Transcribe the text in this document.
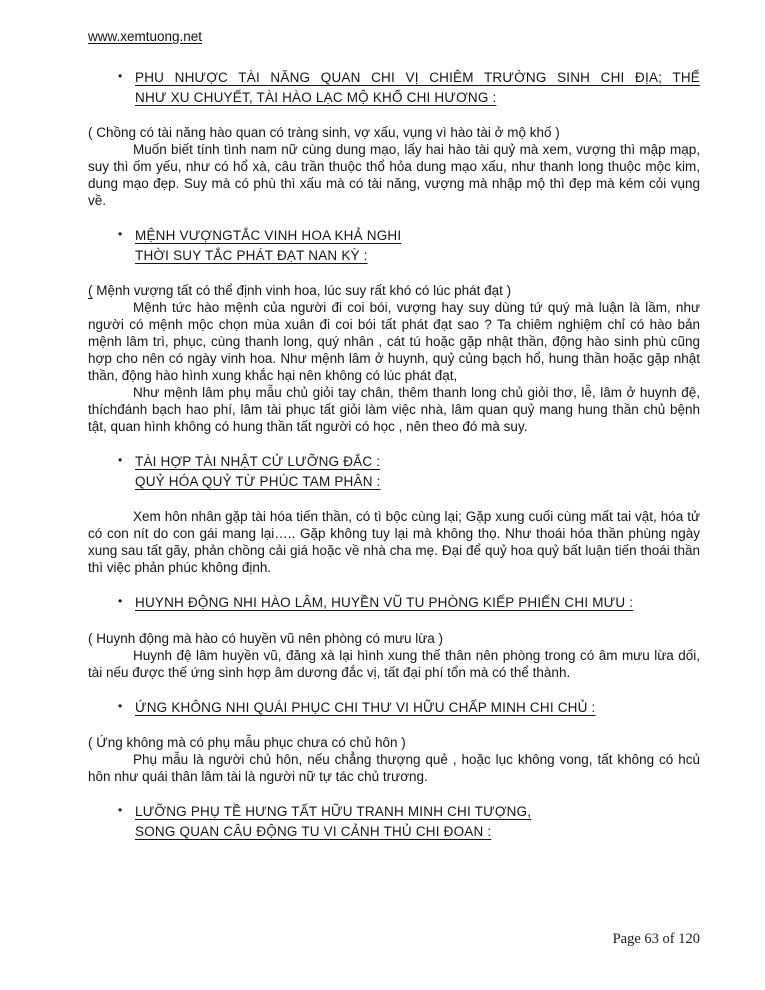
www.xemtuong.net
• PHU NHƯỢC TÀI NĂNG QUAN CHI VỊ CHIÊM TRƯỜNG SINH CHI ĐỊA; THẾ
NHƯ XU CHUYẾT, TÀI HÀO LẠC MỘ KHỐ CHI HƯƠNG :

( Chồng có tài năng hào quan có tràng sinh, vợ xấu, vụng vì hào tài ở mộ khố )

Muốn biết tính tình nam nữ cùng dung mạo, lấy hai hào tài quỷ mà xem, vượng thì mập mạp, suy thì ốm yếu, như có hổ xà, câu trần thuộc thổ hỏa dung mạo xấu, như thanh long thuộc mộc kim, dung mạo đẹp. Suy mà có phù thì xấu mà có tài năng, vượng mà nhập mộ thì đẹp mà kém cỏi vụng về.

• MỆNH VƯỢNGTẮC VINH HOA KHẢ NGHI
THỜI SUY TẮC PHÁT ĐẠT NAN KỲ :

( Mệnh vượng tất có thể định vinh hoa, lúc suy rất khó có lúc phát đạt )

Mệnh tức hào mệnh của người đi coi bói, vượng hay suy dùng tứ quý mà luận là lầm, như người có mệnh mộc chọn mùa xuân đi coi bói tất phát đạt sao ? Ta chiêm nghiệm chỉ có hào bản mệnh lâm trì, phục, cùng thanh long, quý nhân , cát tú hoặc gặp nhật thần, động hào sinh phù cũng hợp cho nên có ngày vinh hoa. Như mệnh lâm ở huynh, quỷ củng bạch hổ, hung thần hoặc gặp nhật thần, động hào hình xung khắc hại nên không có lúc phát đạt,

Như mệnh lâm phụ mẫu chủ giỏi tay chân, thêm thanh long chủ giỏi thơ, lễ, lâm ở huynh đệ, thíchđánh bạch hao phí, lâm tài phục tất giỏi làm việc nhà, lâm quan quỷ mang hung thần chủ bệnh tật, quan hình không có hung thần tất người có học , nên theo đó mà suy.

• TÀI HỢP TÀI NHẬT CỬ LƯỠNG ĐẮC :
QUỶ HÓA QUỶ TỪ PHÚC TAM PHÂN :

Xem hôn nhân gặp tài hóa tiến thần, có tì bộc cùng lại; Gặp xung cuối cùng mất tai vật, hóa tử có con nít do con gái mang lại….. Gặp không tuy lại mà không thọ. Như thoái hóa thần phùng ngày xung sau tất gãy, phản chồng cải giá hoặc về nhà cha mẹ. Đại để quỷ hoa quỷ bất luận tiến thoái thần thì việc phản phúc không định.

• HUYNH ĐỘNG NHI HÀO LÂM, HUYỀN VŨ TU PHÒNG KIẾP PHIẾN CHI MƯU :

( Huynh động mà hào có huyền vũ nên phòng có mưu lừa )

Huynh đệ lâm huyền vũ, đăng xà lại hình xung thế thân nên phòng trong có âm mưu lừa dối, tài nếu được thế ứng sinh hợp âm dương đắc vị, tất đại phí tổn mà có thể thành.

• ỨNG KHÔNG NHI QUÁI PHỤC CHI THƯ VI HỮU CHẤP MINH CHI CHỦ :

( Ứng không mà có phụ mẫu phục chưa có chủ hôn )

Phụ mẫu là người chủ hôn, nếu chẳng thượng quẻ , hoặc lục không vong, tất không có hcủ hôn như quái thân lâm tài là người nữ tự tác chủ trương.

• LƯỠNG PHỤ TỀ HƯNG TẤT HỮU TRANH MINH CHI TƯỢNG,
SONG QUAN CÂU ĐỘNG TU VI CẢNH THỦ CHI ĐOAN :
Page 63 of 120
